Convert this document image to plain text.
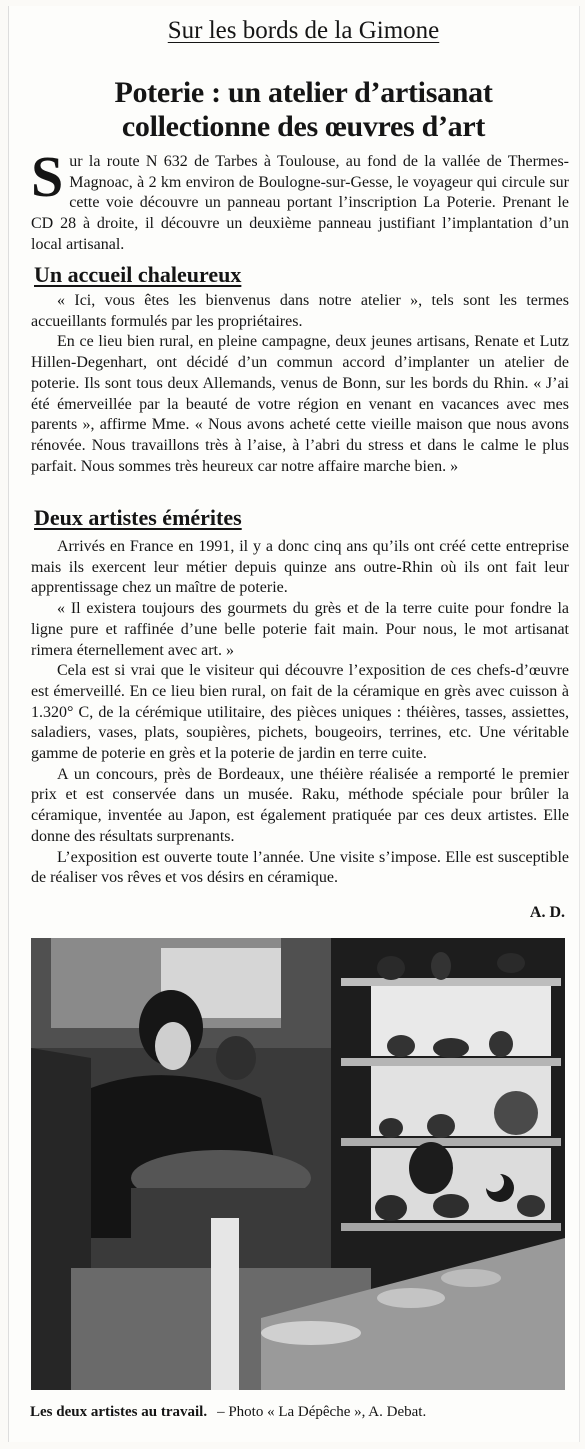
Sur les bords de la Gimone
Poterie : un atelier d’artisanat
collectionne des œuvres d’art

Sur la route N 632 de Tarbes à Toulouse, au fond de la vallée de Thermes-Magnoac, à 2 km environ de Boulogne-sur-Gesse, le voyageur qui circule sur cette voie découvre un panneau portant l’inscription La Poterie. Prenant le CD 28 à droite, il découvre un deuxième panneau justifiant l’implantation d’un local artisanal.

Un accueil chaleureux

« Ici, vous êtes les bienvenus dans notre atelier », tels sont les termes accueillants formulés par les propriétaires.

En ce lieu bien rural, en pleine campagne, deux jeunes artisans, Renate et Lutz Hillen-Degenhart, ont décidé d’un commun accord d’implanter un atelier de poterie. Ils sont tous deux Allemands, venus de Bonn, sur les bords du Rhin. « J’ai été émerveillée par la beauté de votre région en venant en vacances avec mes parents », affirme Mme. « Nous avons acheté cette vieille maison que nous avons rénovée. Nous travaillons très à l’aise, à l’abri du stress et dans le calme le plus parfait. Nous sommes très heureux car notre affaire marche bien. »

Deux artistes émérites

Arrivés en France en 1991, il y a donc cinq ans qu’ils ont créé cette entreprise mais ils exercent leur métier depuis quinze ans outre-Rhin où ils ont fait leur apprentissage chez un maître de poterie.

« Il existera toujours des gourmets du grès et de la terre cuite pour fondre la ligne pure et raffinée d’une belle poterie fait main. Pour nous, le mot artisanat rimera éternellement avec art. »

Cela est si vrai que le visiteur qui découvre l’exposition de ces chefs-d’œuvre est émerveillé. En ce lieu bien rural, on fait de la céramique en grès avec cuisson à 1.320° C, de la cérémique utilitaire, des pièces uniques : théières, tasses, assiettes, saladiers, vases, plats, soupières, pichets, bougeoirs, terrines, etc. Une véritable gamme de poterie en grès et la poterie de jardin en terre cuite.

A un concours, près de Bordeaux, une théière réalisée a remporté le premier prix et est conservée dans un musée. Raku, méthode spéciale pour brûler la céramique, inventée au Japon, est également pratiquée par ces deux artistes. Elle donne des résultats surprenants.

L’exposition est ouverte toute l’année. Une visite s’impose. Elle est susceptible de réaliser vos rêves et vos désirs en céramique.

A. D.
Les deux artistes au travail. – Photo « La Dépêche », A. Debat.
